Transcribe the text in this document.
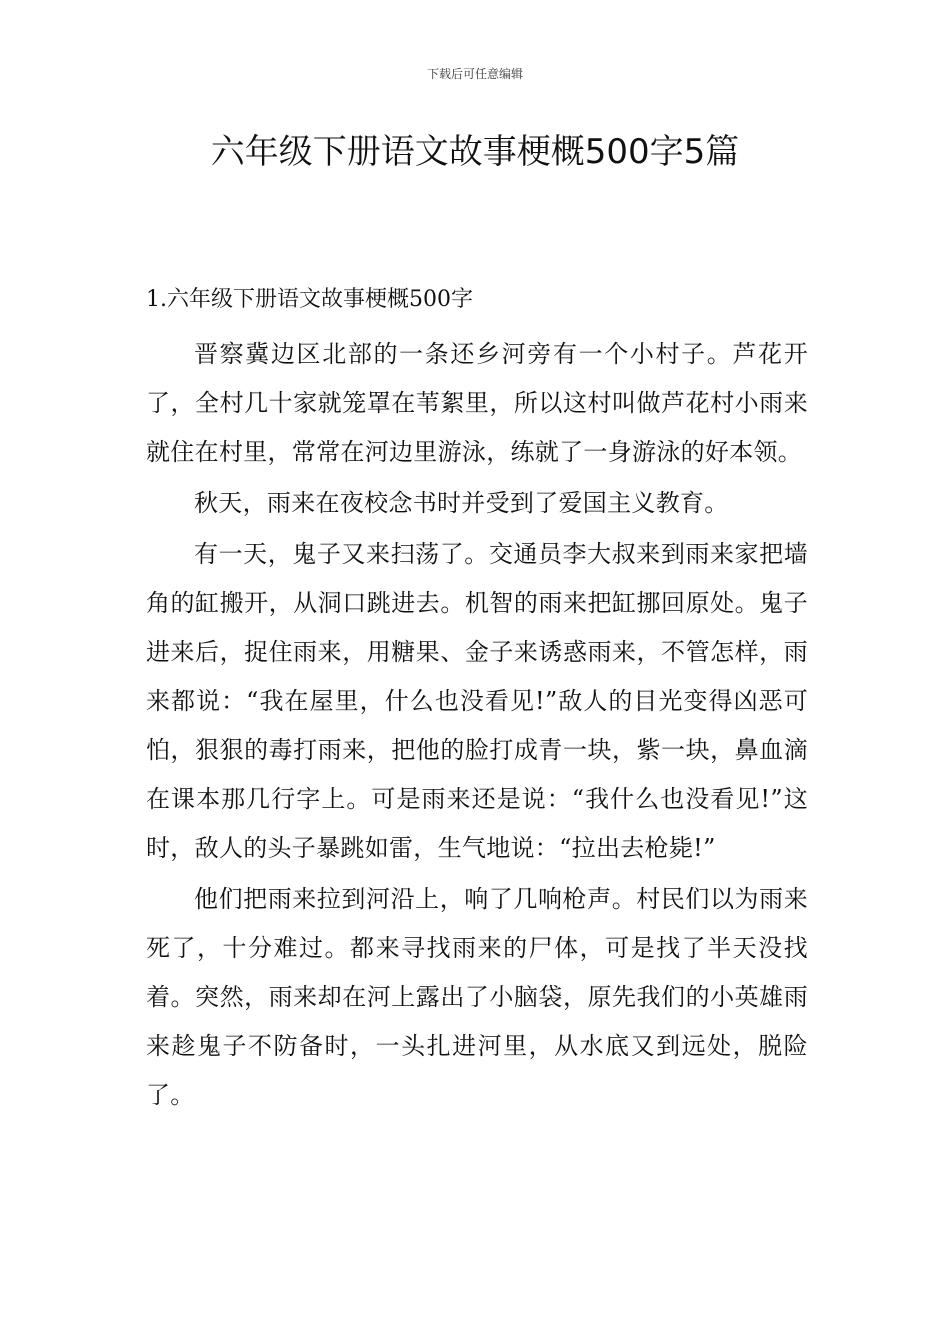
下载后可任意编辑
六年级下册语文故事梗概500字5篇
1.六年级下册语文故事梗概500字

晋察冀边区北部的一条还乡河旁有一个小村子。芦花开了，全村几十家就笼罩在苇絮里，所以这村叫做芦花村小雨来就住在村里，常常在河边里游泳，练就了一身游泳的好本领。

秋天，雨来在夜校念书时并受到了爱国主义教育。

有一天，鬼子又来扫荡了。交通员李大叔来到雨来家把墙角的缸搬开，从洞口跳进去。机智的雨来把缸挪回原处。鬼子进来后，捉住雨来，用糖果、金子来诱惑雨来，不管怎样，雨来都说：“我在屋里，什么也没看见!”敌人的目光变得凶恶可怕，狠狠的毒打雨来，把他的脸打成青一块，紫一块，鼻血滴在课本那几行字上。可是雨来还是说：“我什么也没看见!”这时，敌人的头子暴跳如雷，生气地说：“拉出去枪毙!”

他们把雨来拉到河沿上，响了几响枪声。村民们以为雨来死了，十分难过。都来寻找雨来的尸体，可是找了半天没找着。突然，雨来却在河上露出了小脑袋，原先我们的小英雄雨来趁鬼子不防备时，一头扎进河里，从水底又到远处，脱险了。
